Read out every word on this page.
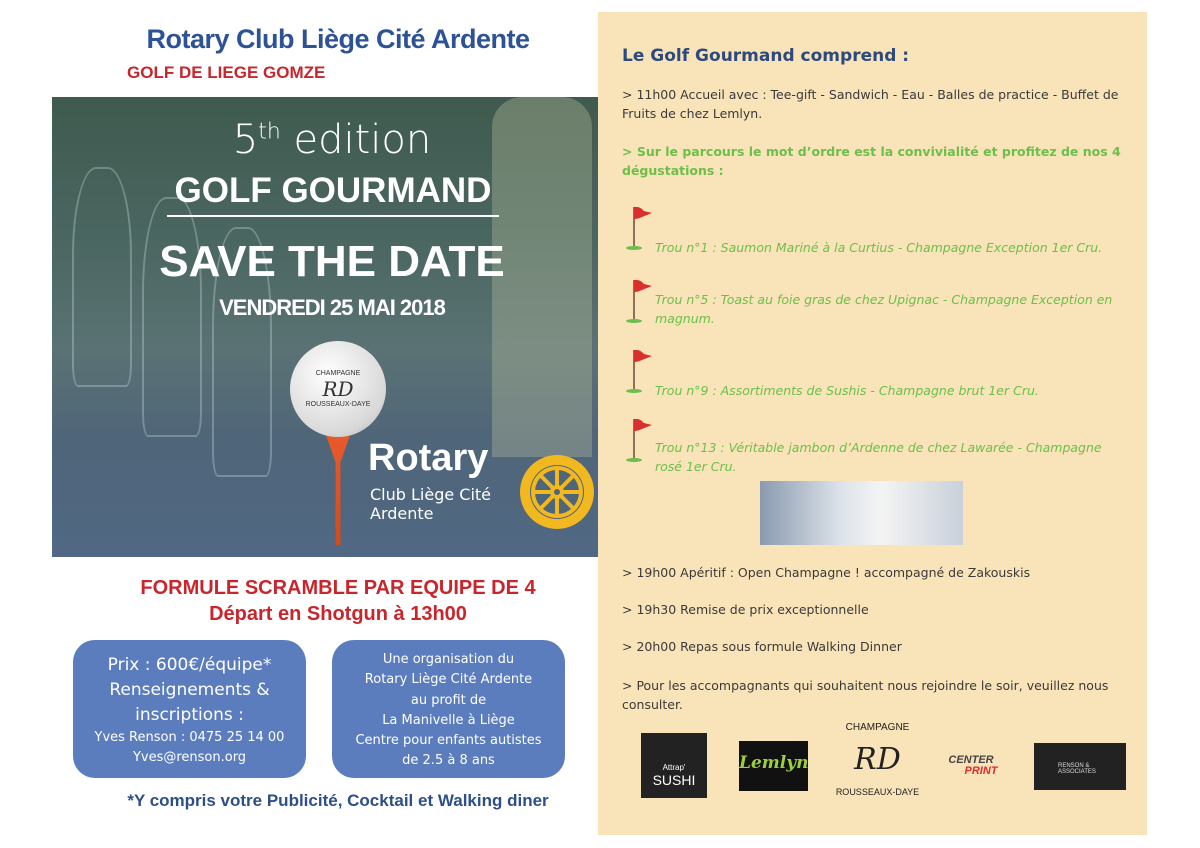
Rotary Club Liège Cité Ardente
GOLF DE LIEGE GOMZE
5th edition
GOLF GOURMAND
SAVE THE DATE
VENDREDI 25 MAI 2018
CHAMPAGNE
RD
ROUSSEAUX-DAYE
Rotary
Club Liège Cité
Ardente
FORMULE SCRAMBLE PAR EQUIPE DE 4
Départ en Shotgun à 13h00
Prix : 600€/équipe*
Renseignements &
inscriptions :
Yves Renson : 0475 25 14 00
Yves@renson.org
Une organisation du
Rotary Liège Cité Ardente
au profit de
La Manivelle à Liège
Centre pour enfants autistes
de 2.5 à 8 ans
*Y compris votre Publicité, Cocktail et Walking diner
Le Golf Gourmand comprend :
> 11h00 Accueil avec : Tee-gift - Sandwich - Eau - Balles de practice - Buffet de Fruits de chez Lemlyn.
> Sur le parcours le mot d’ordre est la convivialité et profitez de nos 4 dégustations :
Trou n°1 : Saumon Mariné à la Curtius - Champagne Exception 1er Cru.
Trou n°5 : Toast au foie gras de chez Upignac - Champagne Exception en magnum.
Trou n°9 : Assortiments de Sushis - Champagne brut 1er Cru.
Trou n°13 : Véritable jambon d’Ardenne de chez Lawarée - Champagne rosé 1er Cru.
> 19h00 Apéritif : Open Champagne ! accompagné de Zakouskis
> 19h30 Remise de prix exceptionnelle
> 20h00 Repas sous formule Walking Dinner
> Pour les accompagnants qui souhaitent nous rejoindre le soir, veuillez nous consulter.
Attrap'
SUSHI
Lemlyn
CHAMPAGNE
RD
ROUSSEAUX-DAYE
CENTER
PRINT	RENSON & ASSOCIATES
